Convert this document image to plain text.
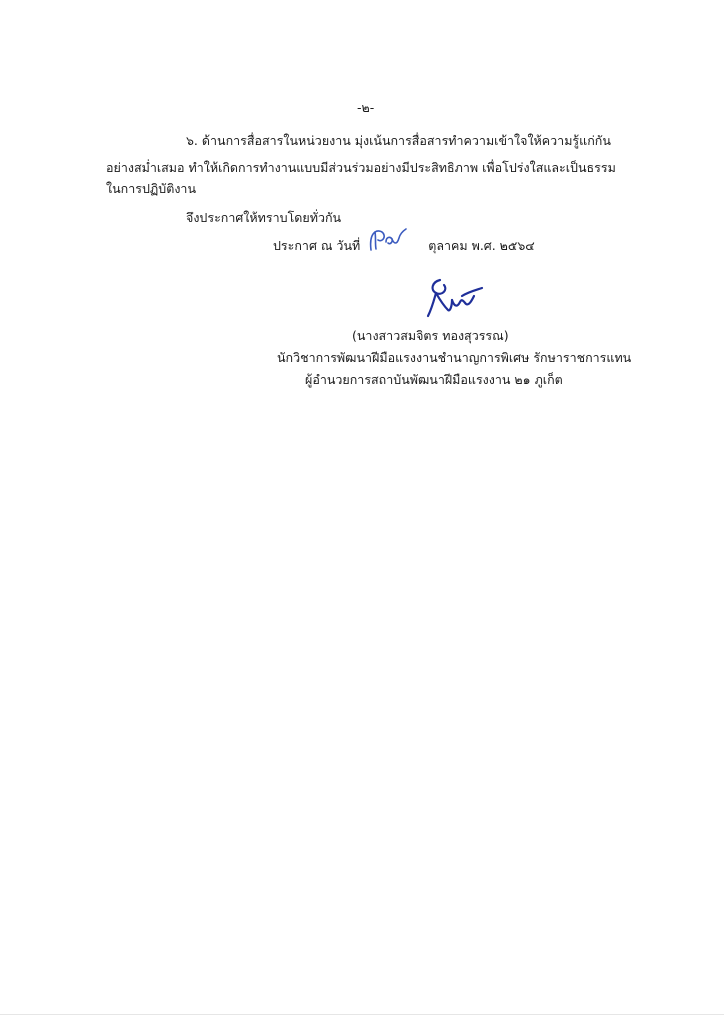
-๒-
๖. ด้านการสื่อสารในหน่วยงาน มุ่งเน้นการสื่อสารทำความเข้าใจให้ความรู้แก่กัน
อย่างสม่ำเสมอ ทำให้เกิดการทำงานแบบมีส่วนร่วมอย่างมีประสิทธิภาพ เพื่อโปร่งใสและเป็นธรรม
ในการปฏิบัติงาน
จึงประกาศให้ทราบโดยทั่วกัน
ประกาศ ณ วันที่	ตุลาคม พ.ศ. ๒๕๖๔
(นางสาวสมจิตร ทองสุวรรณ)
นักวิชาการพัฒนาฝีมือแรงงานชำนาญการพิเศษ รักษาราชการแทน
ผู้อำนวยการสถาบันพัฒนาฝีมือแรงงาน ๒๑ ภูเก็ต
